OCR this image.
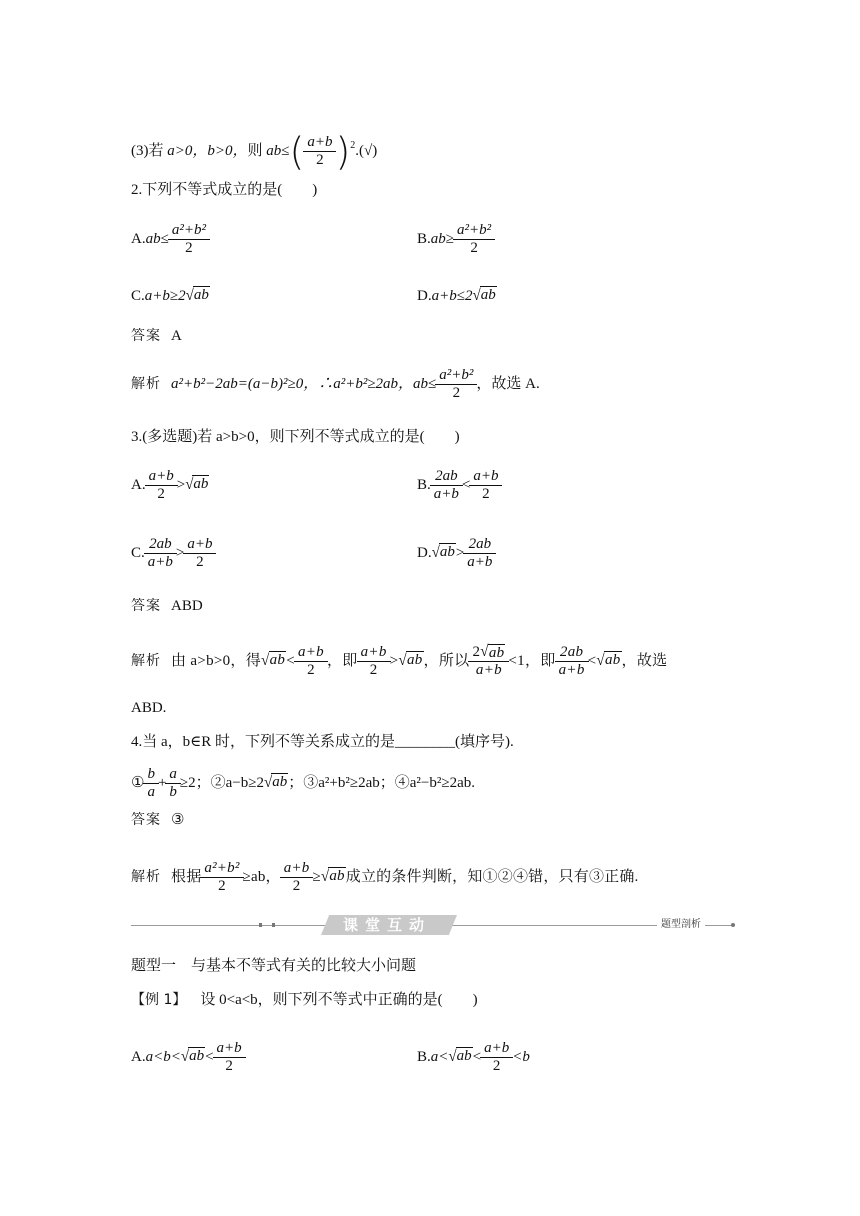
(3)若 a>0，b>0，则 $ab\le( \frac{a+b}{2} )^2.(√)$
2.下列不等式成立的是(　　)
$A.ab\le \frac{\text{a²+b²}}{2}$	$B.ab\ge \frac{\text{a²+b²}}{2}$
C.a+b≥2 √ ab	D.a+b≤2 √ ab
答案 A
解析 a²+b²−2ab=(a−b)²≥0，∴a²+b²≥2ab，$ab\le \frac{\text{a²+b²}}{2}$ ，故选 A.
3.(多选题)若 a>b>0，则下列不等式成立的是(　　)
A. $\frac{a+b}{2}$ > √ ab	B. $\frac{2ab}{a+b} < \frac{a+b}{2}$
C. $\frac{2ab}{a+b} > \frac{a+b}{2}$	D. √ ab > $\frac{2ab}{a+b}$
答案 ABD
解析 由 a>b>0，得 √ ab < $\frac{a+b}{2}$ ，即 $\frac{a+b}{2}$ > √ ab ，所以 $\frac{2 √ ab}{a+b} <1$，即 $\frac{2ab}{a+b}$ < √ ab ，故选
ABD.
4.当 a，b∈R 时，下列不等关系成立的是________(填序号).
① $\frac{b}{a} + \frac{a}{b} \ge 2$；②a−b≥2 √ ab ；③a²+b²≥2ab；④a²−b²≥2ab.
答案 ③
解析 根据 $\frac{\text{a²+b²}}{2} \ge ab$， $\frac{a+b}{2}$ ≥ √ ab 成立的条件判断，知①②④错，只有③正确.
课堂互动	题型剖析
题型一　与基本不等式有关的比较大小问题
【例 1】 设 0<a<b，则下列不等式中正确的是(　　)
A.a<b< √ ab < $\frac{a+b}{2}$	B.a< √ ab < $\frac{a+b}{2} <b$
